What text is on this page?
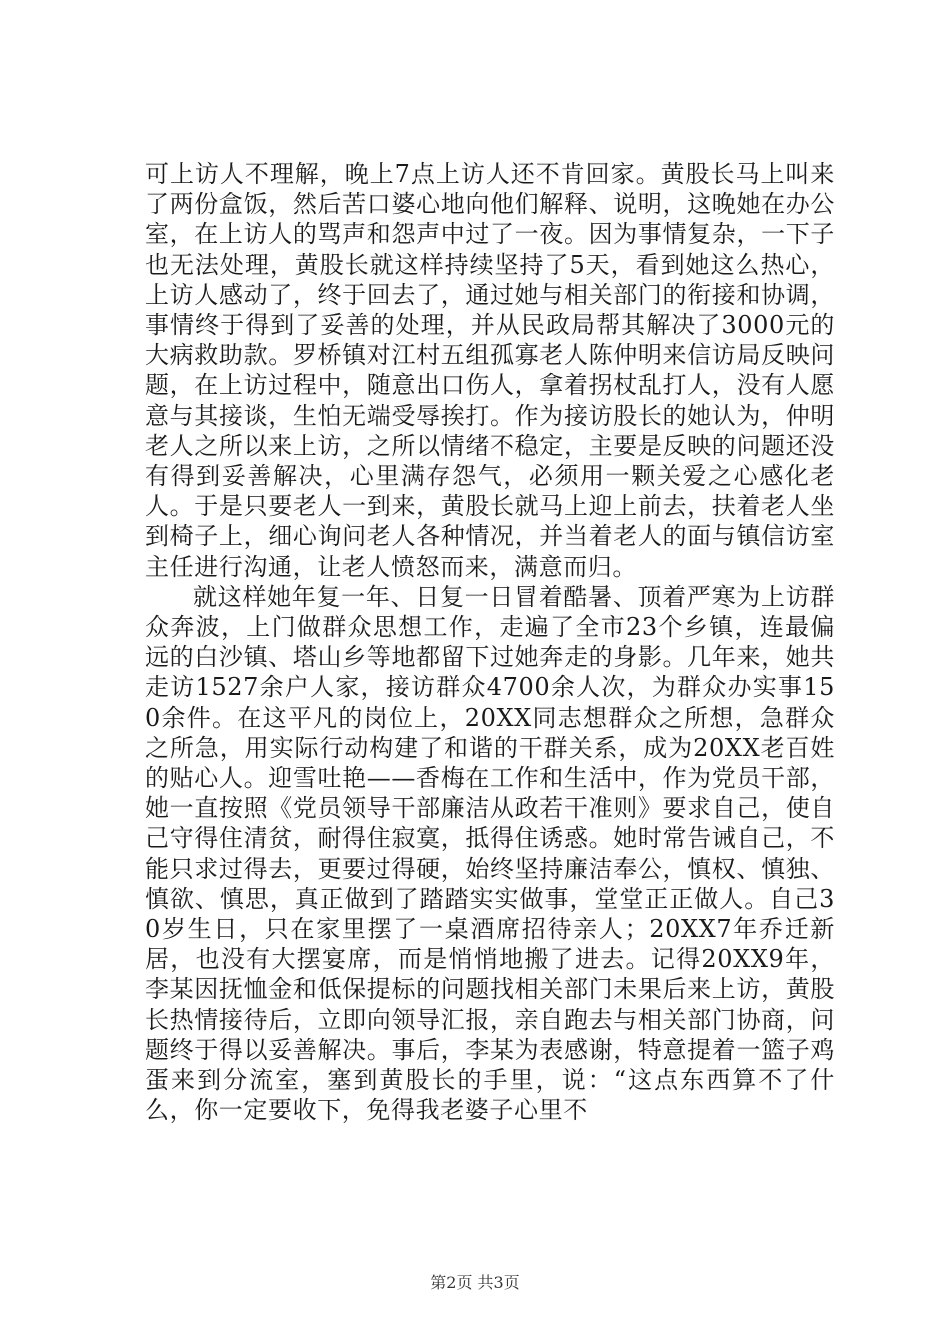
可上访人不理解，晚上7点上访人还不肯回家。黄股长马上叫来了两份盒饭，然后苦口婆心地向他们解释、说明，这晚她在办公室，在上访人的骂声和怨声中过了一夜。因为事情复杂，一下子也无法处理，黄股长就这样持续坚持了5天，看到她这么热心，上访人感动了，终于回去了，通过她与相关部门的衔接和协调，事情终于得到了妥善的处理，并从民政局帮其解决了3000元的大病救助款。罗桥镇对江村五组孤寡老人陈仲明来信访局反映问题，在上访过程中，随意出口伤人，拿着拐杖乱打人，没有人愿意与其接谈，生怕无端受辱挨打。作为接访股长的她认为，仲明老人之所以来上访，之所以情绪不稳定，主要是反映的问题还没有得到妥善解决，心里满存怨气，必须用一颗关爱之心感化老人。于是只要老人一到来，黄股长就马上迎上前去，扶着老人坐到椅子上，细心询问老人各种情况，并当着老人的面与镇信访室主任进行沟通，让老人愤怒而来，满意而归。

就这样她年复一年、日复一日冒着酷暑、顶着严寒为上访群众奔波，上门做群众思想工作，走遍了全市23个乡镇，连最偏远的白沙镇、塔山乡等地都留下过她奔走的身影。几年来，她共走访1527余户人家，接访群众4700余人次，为群众办实事150余件。在这平凡的岗位上，20XX同志想群众之所想，急群众之所急，用实际行动构建了和谐的干群关系，成为20XX老百姓的贴心人。迎雪吐艳——香梅在工作和生活中，作为党员干部，她一直按照《党员领导干部廉洁从政若干准则》要求自己，使自己守得住清贫，耐得住寂寞，抵得住诱惑。她时常告诫自己，不能只求过得去，更要过得硬，始终坚持廉洁奉公，慎权、慎独、慎欲、慎思，真正做到了踏踏实实做事，堂堂正正做人。自己30岁生日，只在家里摆了一桌酒席招待亲人；20XX7年乔迁新居，也没有大摆宴席，而是悄悄地搬了进去。记得20XX9年，李某因抚恤金和低保提标的问题找相关部门未果后来上访，黄股长热情接待后，立即向领导汇报，亲自跑去与相关部门协商，问题终于得以妥善解决。事后，李某为表感谢，特意提着一篮子鸡蛋来到分流室，塞到黄股长的手里，说：“这点东西算不了什么，你一定要收下，免得我老婆子心里不

第2页 共3页
